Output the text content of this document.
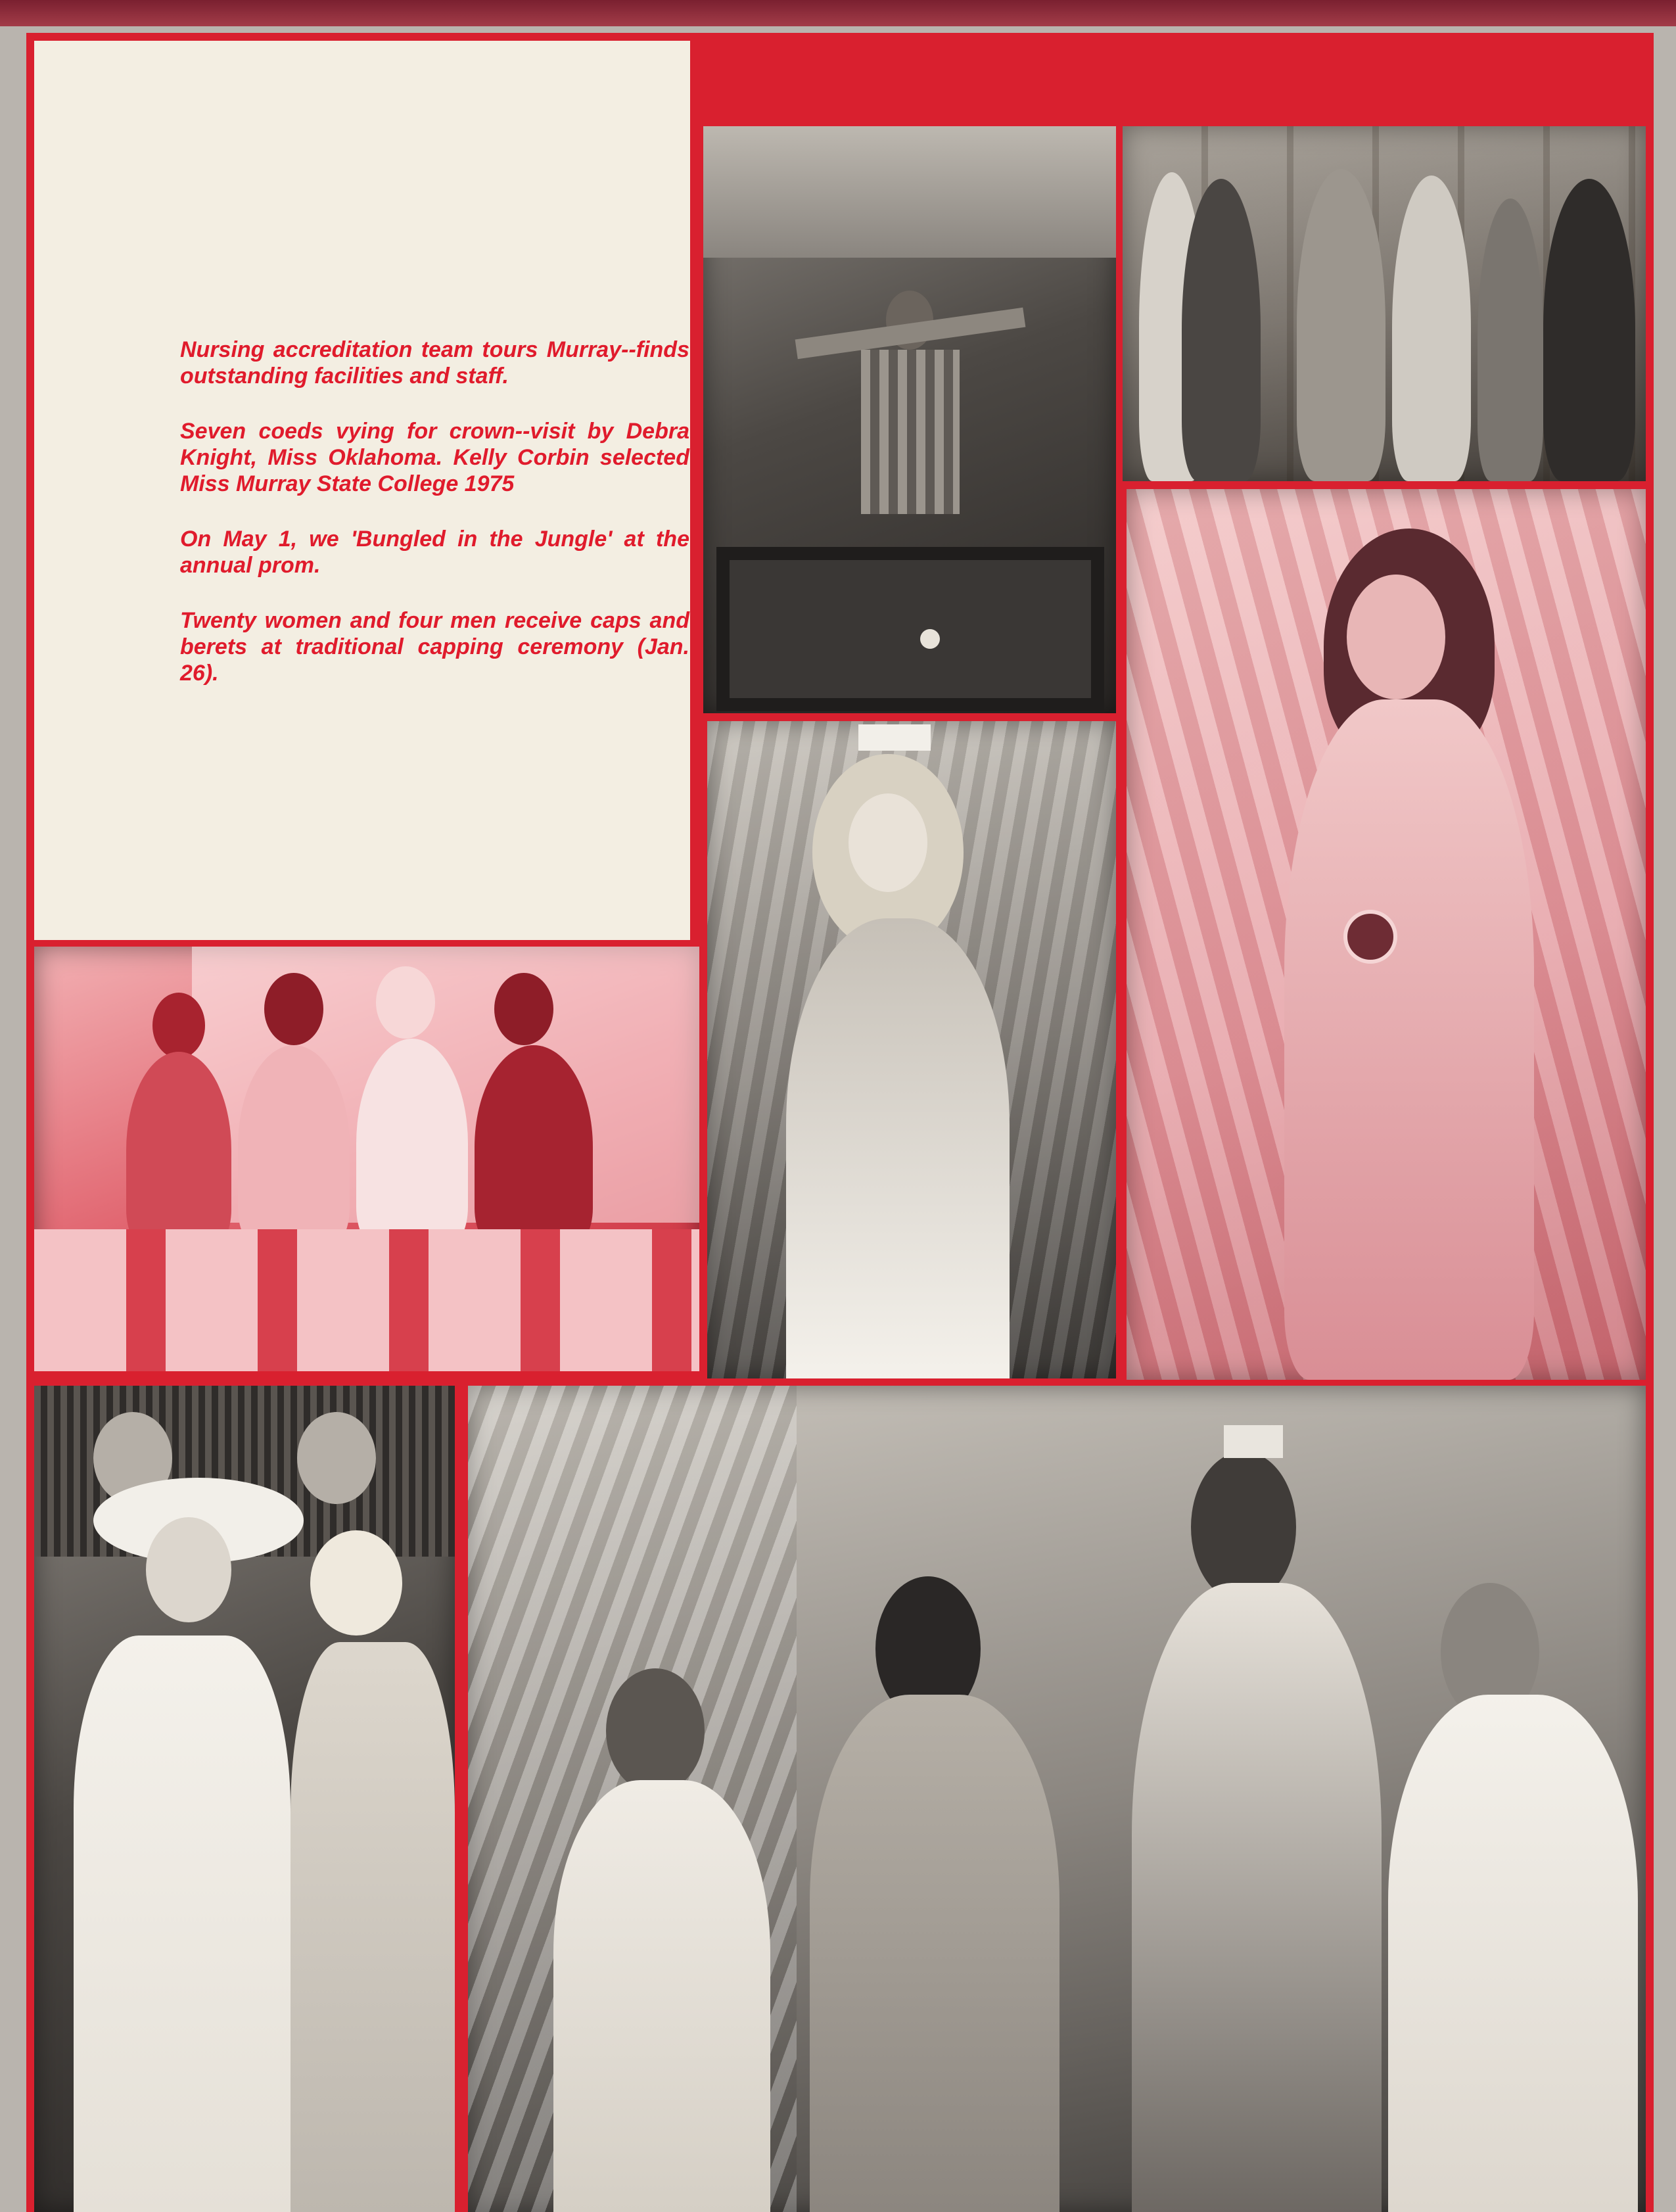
Nursing accreditation team tours Murray--finds outstanding facilities and staff.

Seven coeds vying for crown--visit by Debra Knight, Miss Oklahoma. Kelly Corbin selected Miss Murray State College 1975

On May 1, we 'Bungled in the Jungle' at the annual prom.

Twenty women and four men receive caps and berets at traditional capping ceremony (Jan. 26).
